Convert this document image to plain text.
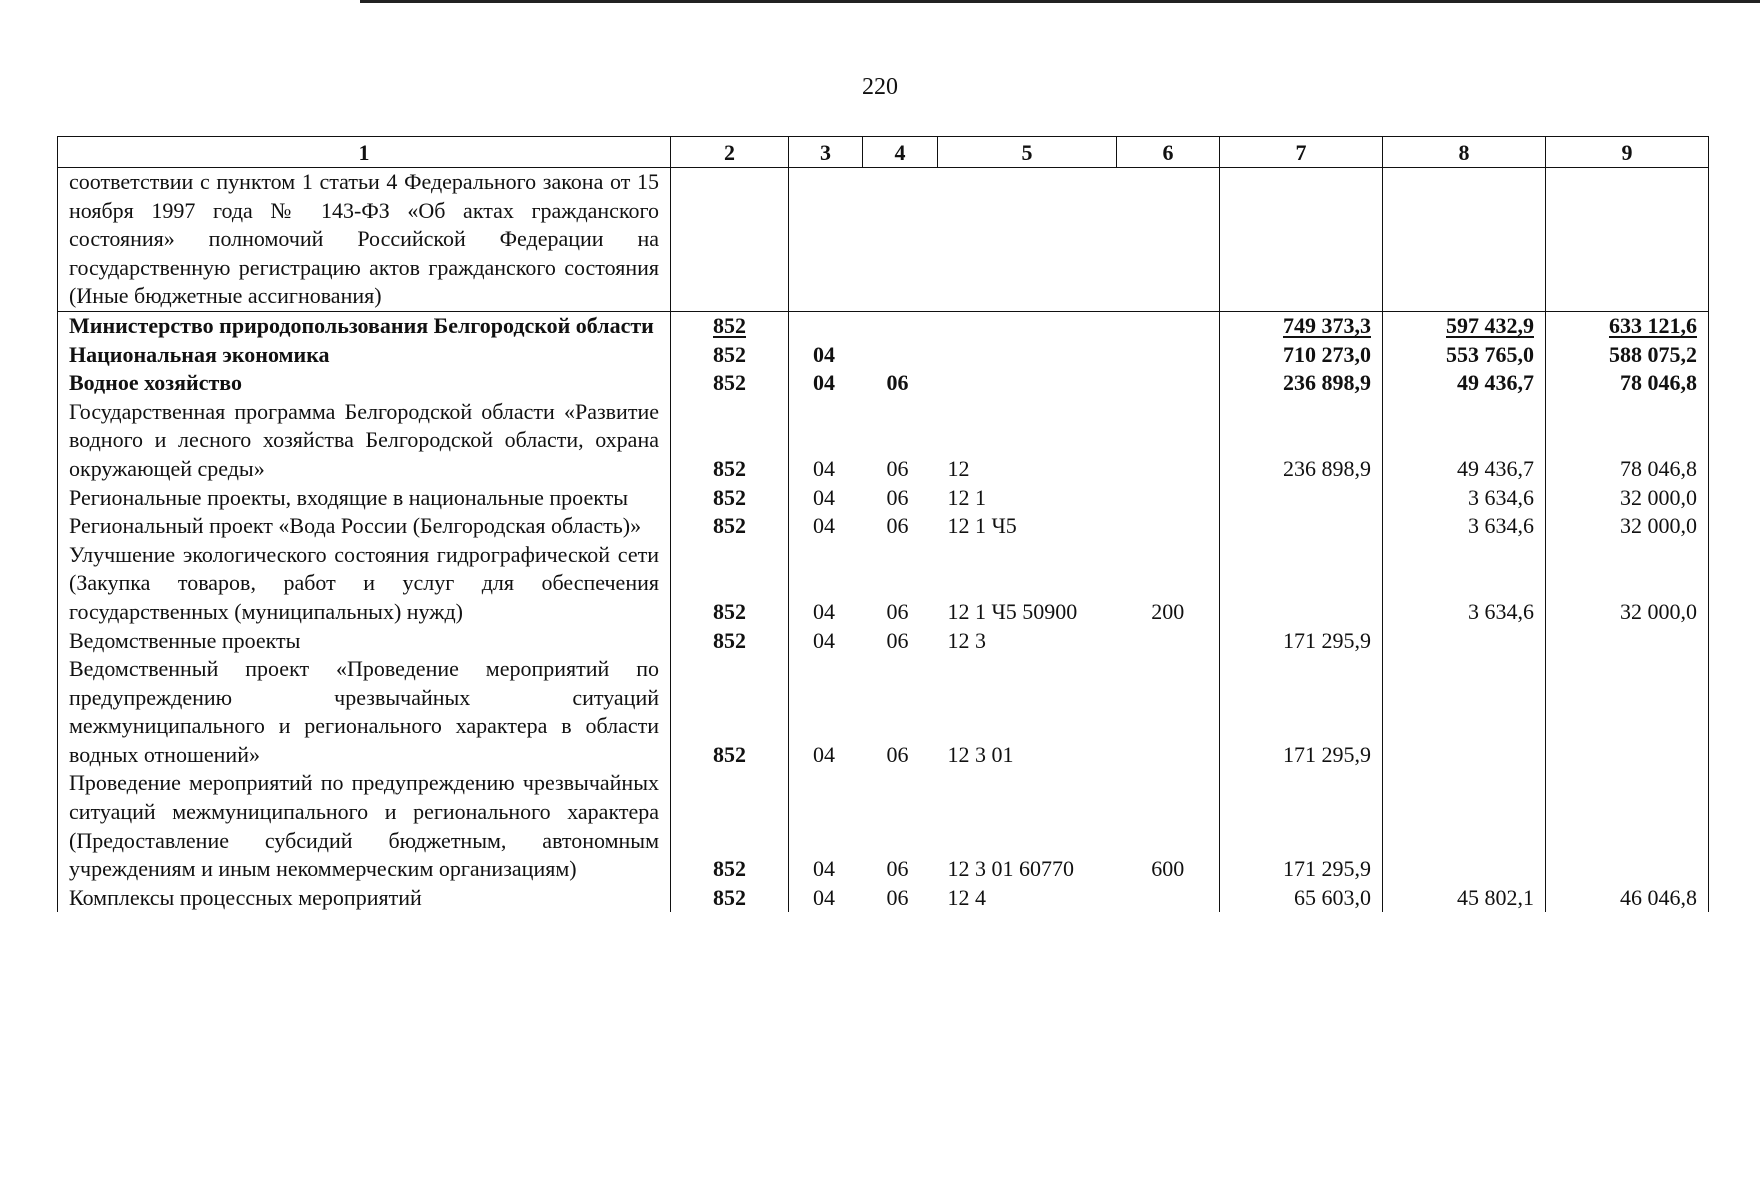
220
1	2	3	4	5	6	7	8	9
соответствии с пунктом 1 статьи 4 Федерального закона от 15 ноября 1997 года № 143-ФЗ «Об актах гражданского состояния» полномочий Российской Федерации на государственную регистрацию актов гражданского состояния (Иные бюджетные ассигнования)								
Министерство природопользования Белгородской области	852					749 373,3	597 432,9	633 121,6
Национальная экономика	852	04				710 273,0	553 765,0	588 075,2
Водное хозяйство	852	04	06			236 898,9	49 436,7	78 046,8
Государственная программа Белгородской области «Развитие водного и лесного хозяйства Белгородской области, охрана окружающей среды»	852	04	06	12		236 898,9	49 436,7	78 046,8
Региональные проекты, входящие в национальные проекты	852	04	06	12 1			3 634,6	32 000,0
Региональный проект «Вода России (Белгородская область)»	852	04	06	12 1 Ч5			3 634,6	32 000,0
Улучшение экологического состояния гидрографической сети (Закупка товаров, работ и услуг для обеспечения государственных (муниципальных) нужд)	852	04	06	12 1 Ч5 50900	200		3 634,6	32 000,0
Ведомственные проекты	852	04	06	12 3		171 295,9		
Ведомственный проект «Проведение мероприятий по предупреждению чрезвычайных ситуаций межмуниципального и регионального характера в области водных отношений»	852	04	06	12 3 01		171 295,9		
Проведение мероприятий по предупреждению чрезвычайных ситуаций межмуниципального и регионального характера (Предоставление субсидий бюджетным, автономным учреждениям и иным некоммерческим организациям)	852	04	06	12 3 01 60770	600	171 295,9		
Комплексы процессных мероприятий	852	04	06	12 4		65 603,0	45 802,1	46 046,8
